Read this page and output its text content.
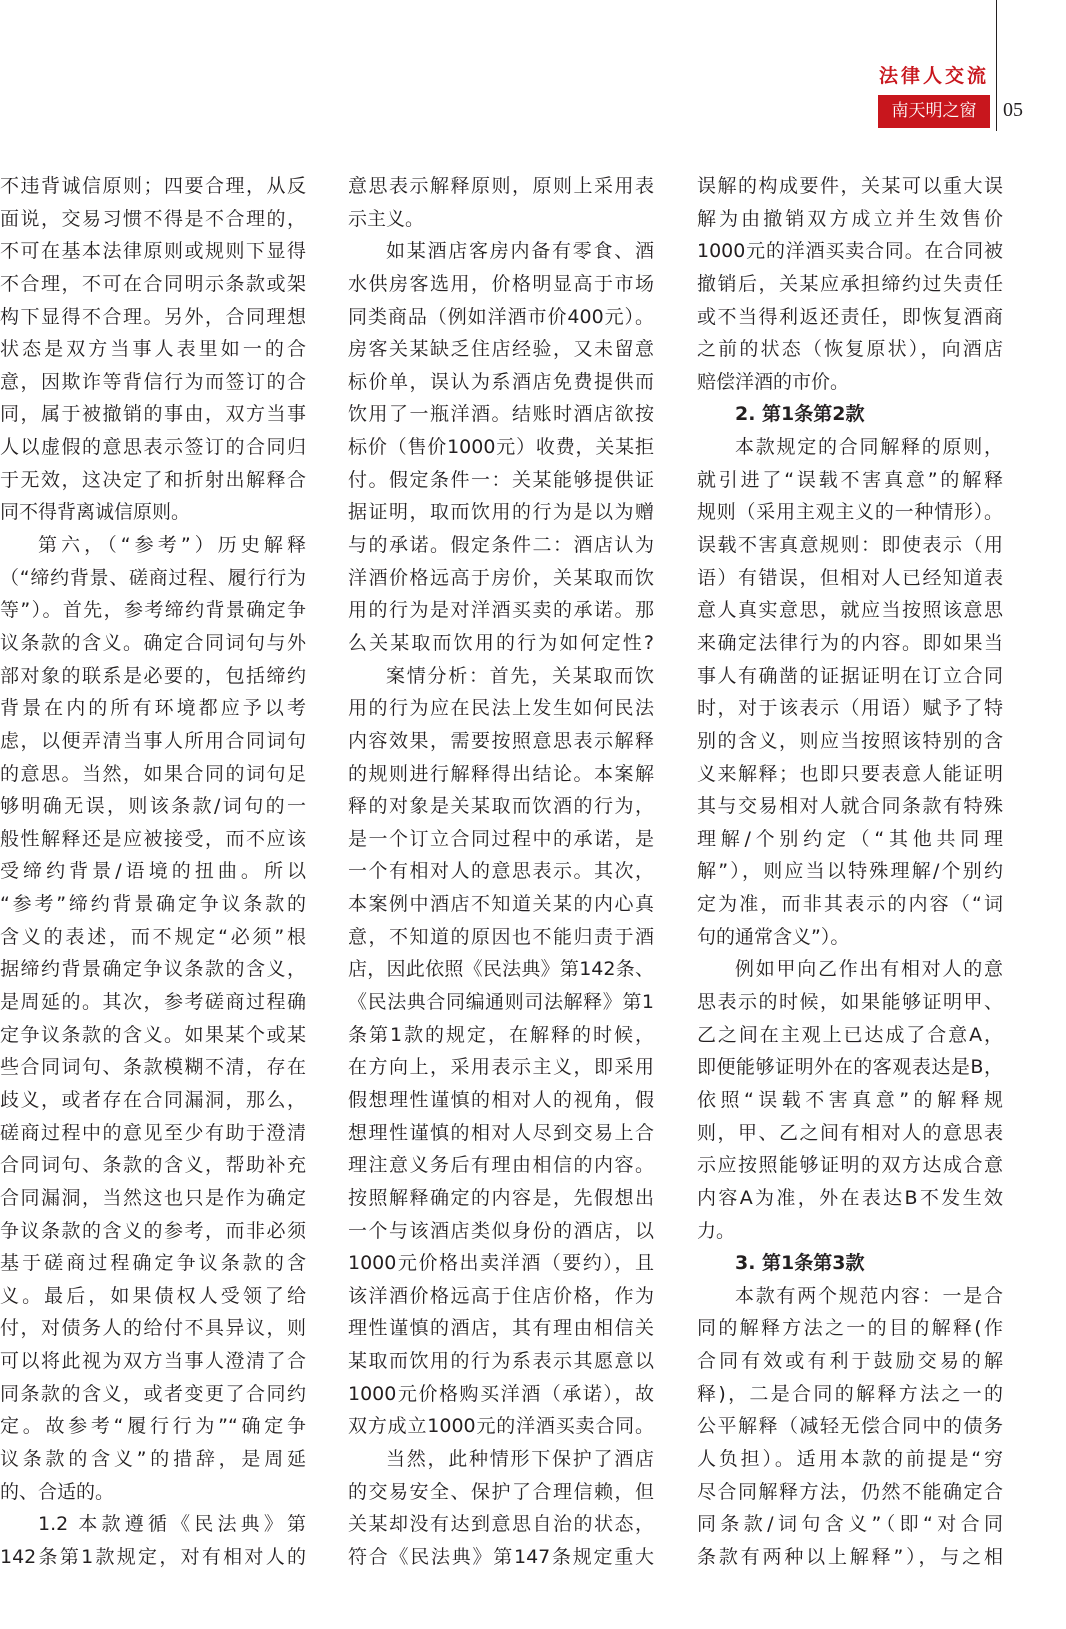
法律人交流
南天明之窗	05
不违背诚信原则；四要合理，从反
面说，交易习惯不得是不合理的，
不可在基本法律原则或规则下显得
不合理，不可在合同明示条款或架
构下显得不合理。另外，合同理想
状态是双方当事人表里如一的合
意，因欺诈等背信行为而签订的合
同，属于被撤销的事由，双方当事
人以虚假的意思表示签订的合同归
于无效，这决定了和折射出解释合
同不得背离诚信原则。
第六，（“参考”）历史解释
（“缔约背景、磋商过程、履行行为
等”）。首先，参考缔约背景确定争
议条款的含义。确定合同词句与外
部对象的联系是必要的，包括缔约
背景在内的所有环境都应予以考
虑，以便弄清当事人所用合同词句
的意思。当然，如果合同的词句足
够明确无误，则该条款/词句的一
般性解释还是应被接受，而不应该
受缔约背景/语境的扭曲。所以
“参考”缔约背景确定争议条款的
含义的表述，而不规定“必须”根
据缔约背景确定争议条款的含义，
是周延的。其次，参考磋商过程确
定争议条款的含义。如果某个或某
些合同词句、条款模糊不清，存在
歧义，或者存在合同漏洞，那么，
磋商过程中的意见至少有助于澄清
合同词句、条款的含义，帮助补充
合同漏洞，当然这也只是作为确定
争议条款的含义的参考，而非必须
基于磋商过程确定争议条款的含
义。最后，如果债权人受领了给
付，对债务人的给付不具异议，则
可以将此视为双方当事人澄清了合
同条款的含义，或者变更了合同约
定。故参考“履行行为”“确定争
议条款的含义”的措辞，是周延
的、合适的。
1.2 本款遵循《民法典》第
142条第1款规定，对有相对人的
意思表示解释原则，原则上采用表
示主义。
如某酒店客房内备有零食、酒
水供房客选用，价格明显高于市场
同类商品（例如洋酒市价400元）。
房客关某缺乏住店经验，又未留意
标价单，误认为系酒店免费提供而
饮用了一瓶洋酒。结账时酒店欲按
标价（售价1000元）收费，关某拒
付。假定条件一：关某能够提供证
据证明，取而饮用的行为是以为赠
与的承诺。假定条件二：酒店认为
洋酒价格远高于房价，关某取而饮
用的行为是对洋酒买卖的承诺。那
么关某取而饮用的行为如何定性?
案情分析：首先，关某取而饮
用的行为应在民法上发生如何民法
内容效果，需要按照意思表示解释
的规则进行解释得出结论。本案解
释的对象是关某取而饮酒的行为，
是一个订立合同过程中的承诺，是
一个有相对人的意思表示。其次，
本案例中酒店不知道关某的内心真
意，不知道的原因也不能归责于酒
店，因此依照《民法典》第142条、
《民法典合同编通则司法解释》第1
条第1款的规定，在解释的时候，
在方向上，采用表示主义，即采用
假想理性谨慎的相对人的视角，假
想理性谨慎的相对人尽到交易上合
理注意义务后有理由相信的内容。
按照解释确定的内容是，先假想出
一个与该酒店类似身份的酒店，以
1000元价格出卖洋酒（要约），且
该洋酒价格远高于住店价格，作为
理性谨慎的酒店，其有理由相信关
某取而饮用的行为系表示其愿意以
1000元价格购买洋酒（承诺），故
双方成立1000元的洋酒买卖合同。
当然，此种情形下保护了酒店
的交易安全、保护了合理信赖，但
关某却没有达到意思自治的状态，
符合《民法典》第147条规定重大
误解的构成要件，关某可以重大误
解为由撤销双方成立并生效售价
1000元的洋酒买卖合同。在合同被
撤销后，关某应承担缔约过失责任
或不当得利返还责任，即恢复酒商
之前的状态（恢复原状），向酒店
赔偿洋酒的市价。
2. 第1条第2款
本款规定的合同解释的原则，
就引进了“误载不害真意”的解释
规则（采用主观主义的一种情形）。
误载不害真意规则：即使表示（用
语）有错误，但相对人已经知道表
意人真实意思，就应当按照该意思
来确定法律行为的内容。即如果当
事人有确凿的证据证明在订立合同
时，对于该表示（用语）赋予了特
别的含义，则应当按照该特别的含
义来解释；也即只要表意人能证明
其与交易相对人就合同条款有特殊
理解/个别约定（“其他共同理
解”），则应当以特殊理解/个别约
定为准，而非其表示的内容（“词
句的通常含义”）。
例如甲向乙作出有相对人的意
思表示的时候，如果能够证明甲、
乙之间在主观上已达成了合意A，
即便能够证明外在的客观表达是B，
依照“误载不害真意”的解释规
则，甲、乙之间有相对人的意思表
示应按照能够证明的双方达成合意
内容A为准，外在表达B不发生效
力。
3. 第1条第3款
本款有两个规范内容：一是合
同的解释方法之一的目的解释(作
合同有效或有利于鼓励交易的解
释)，二是合同的解释方法之一的
公平解释（减轻无偿合同中的债务
人负担）。适用本款的前提是“穷
尽合同解释方法，仍然不能确定合
同条款/词句含义”（即“对合同
条款有两种以上解释”），与之相
